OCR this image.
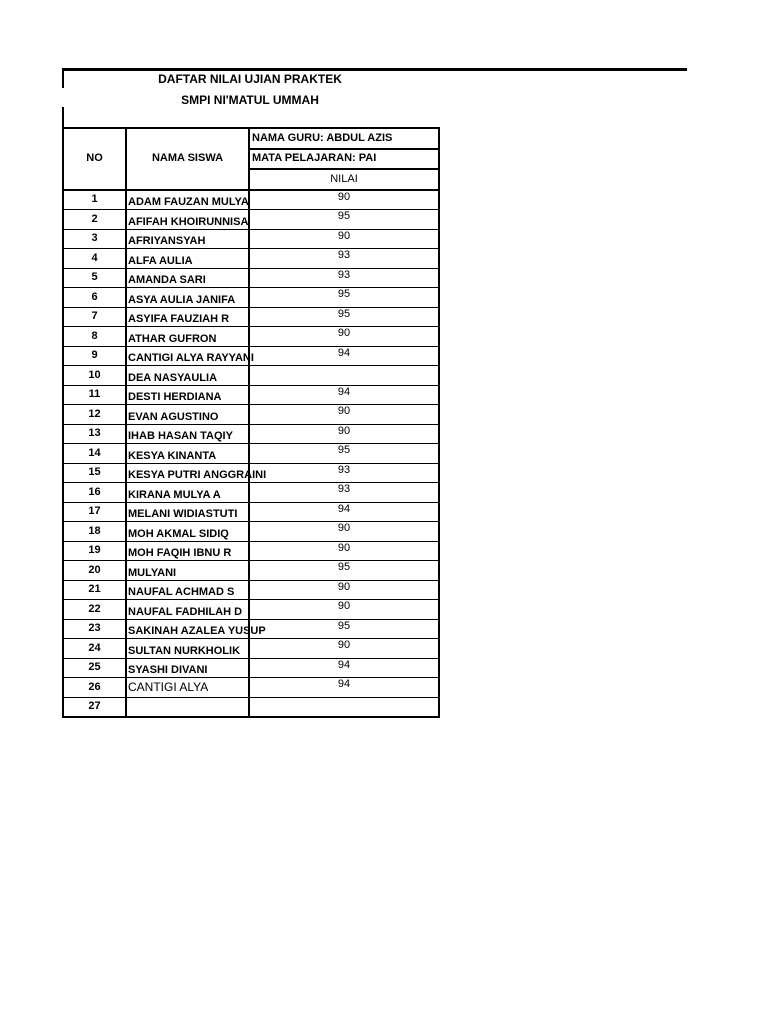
DAFTAR NILAI UJIAN PRAKTEK
SMPI NI'MATUL UMMAH
NO	NAMA SISWA	NAMA GURU: ABDUL AZIS
		MATA PELAJARAN: PAI
		NILAI
1	ADAM FAUZAN MULYA	90
2	AFIFAH KHOIRUNNISA	95
3	AFRIYANSYAH	90
4	ALFA AULIA	93
5	AMANDA SARI	93
6	ASYA AULIA JANIFA	95
7	ASYIFA FAUZIAH R	95
8	ATHAR GUFRON	90
9	CANTIGI ALYA RAYYANI	94
10	DEA NASYAULIA	
11	DESTI HERDIANA	94
12	EVAN AGUSTINO	90
13	IHAB HASAN TAQIY	90
14	KESYA KINANTA	95
15	KESYA PUTRI ANGGRAINI	93
16	KIRANA MULYA A	93
17	MELANI WIDIASTUTI	94
18	MOH AKMAL SIDIQ	90
19	MOH FAQIH IBNU R	90
20	MULYANI	95
21	NAUFAL ACHMAD S	90
22	NAUFAL FADHILAH D	90
23	SAKINAH AZALEA YUSUP	95
24	SULTAN NURKHOLIK	90
25	SYASHI DIVANI	94
26	CANTIGI ALYA	94
27		
